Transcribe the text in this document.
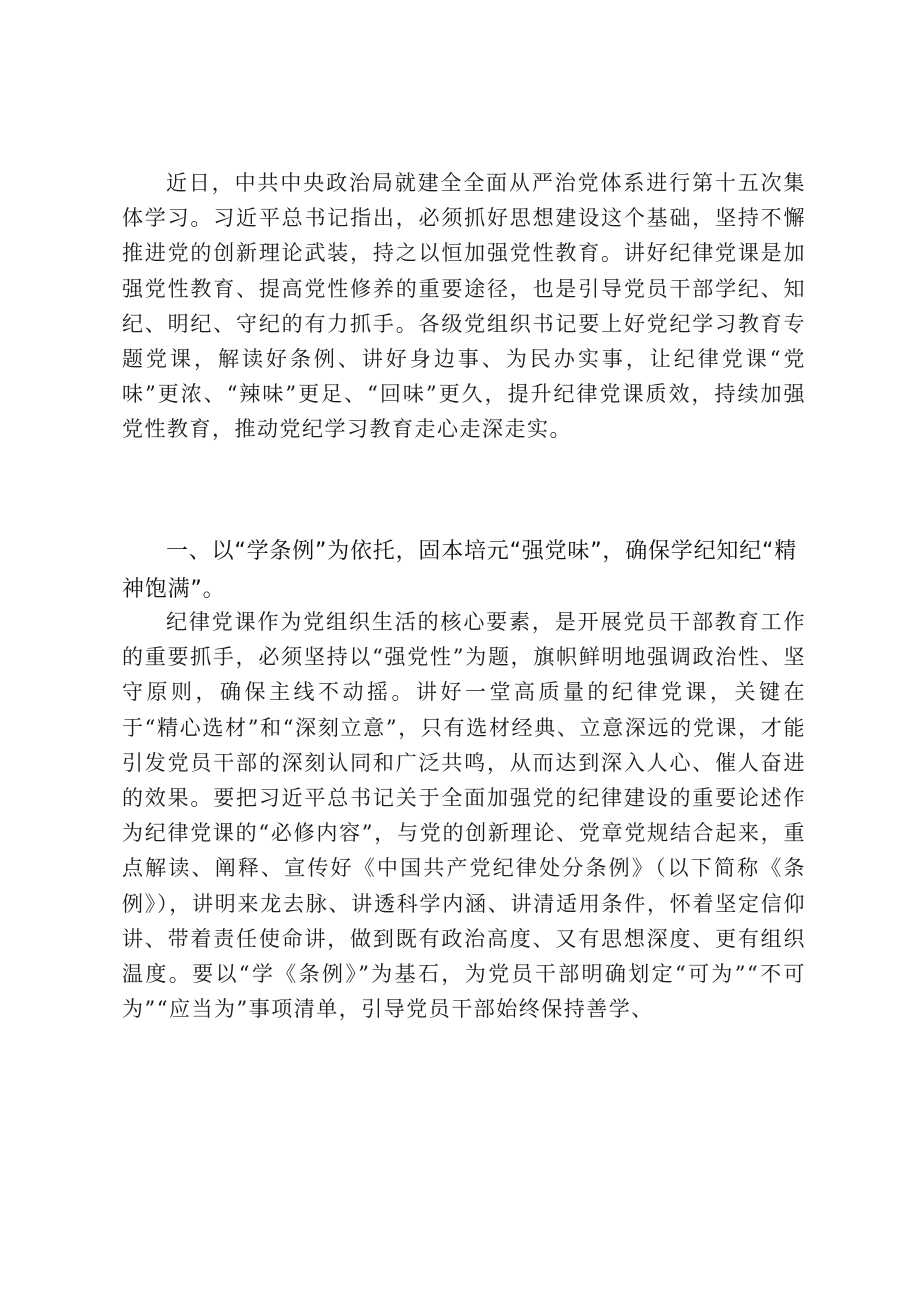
近日，中共中央政治局就建全全面从严治党体系进行第十五次集体学习。习近平总书记指出，必须抓好思想建设这个基础，坚持不懈推进党的创新理论武装，持之以恒加强党性教育。讲好纪律党课是加强党性教育、提高党性修养的重要途径，也是引导党员干部学纪、知纪、明纪、守纪的有力抓手。各级党组织书记要上好党纪学习教育专题党课，解读好条例、讲好身边事、为民办实事，让纪律党课“党味”更浓、“辣味”更足、“回味”更久，提升纪律党课质效，持续加强党性教育，推动党纪学习教育走心走深走实。

一、以“学条例”为依托，固本培元“强党味”，确保学纪知纪“精神饱满”。

纪律党课作为党组织生活的核心要素，是开展党员干部教育工作的重要抓手，必须坚持以“强党性”为题，旗帜鲜明地强调政治性、坚守原则，确保主线不动摇。讲好一堂高质量的纪律党课，关键在于“精心选材”和“深刻立意”，只有选材经典、立意深远的党课，才能引发党员干部的深刻认同和广泛共鸣，从而达到深入人心、催人奋进的效果。要把习近平总书记关于全面加强党的纪律建设的重要论述作为纪律党课的“必修内容”，与党的创新理论、党章党规结合起来，重点解读、阐释、宣传好《中国共产党纪律处分条例》（以下简称《条例》），讲明来龙去脉、讲透科学内涵、讲清适用条件，怀着坚定信仰讲、带着责任使命讲，做到既有政治高度、又有思想深度、更有组织温度。要以“学《条例》”为基石，为党员干部明确划定“可为”“不可为”“应当为”事项清单，引导党员干部始终保持善学、
